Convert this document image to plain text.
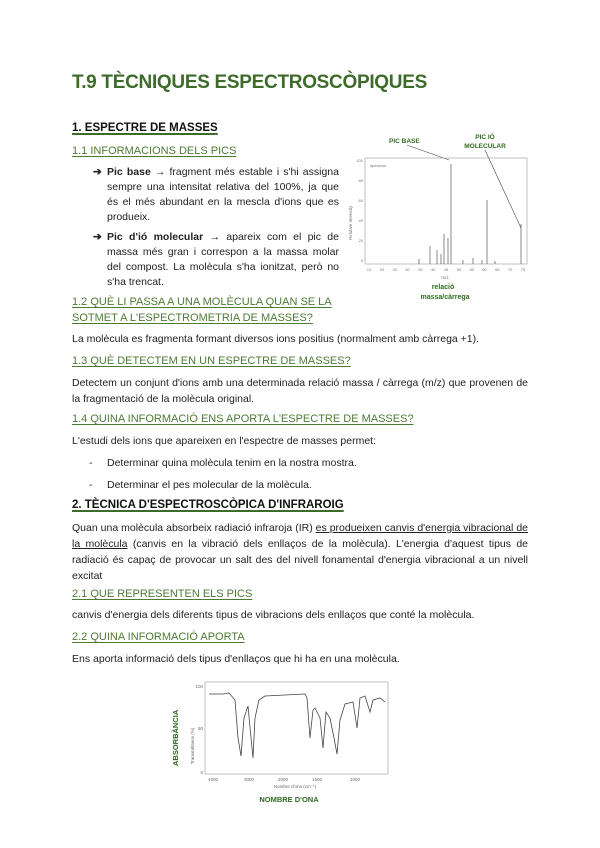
T.9 TÈCNIQUES ESPECTROSCÒPIQUES
1. ESPECTRE DE MASSES
1.1 INFORMACIONS DELS PICS
➔ Pic base → fragment més estable i s'hi assigna sempre una intensitat relativa del 100%, ja que és el més abundant en la mescla d'ions que es produeix.
➔ Pic d'ió molecular → apareix com el pic de massa més gran i correspon a la massa molar del compost. La molècula s'ha ionitzat, però no s'ha trencat.
1.2 QUÈ LI PASSA A UNA MOLÈCULA QUAN SE LA SOTMET A L'ESPECTROMETRIA DE MASSES?
La molècula es fragmenta formant diversos ions positius (normalment amb càrrega +1).
1.3 QUÈ DETECTEM EN UN ESPECTRE DE MASSES?
Detectem un conjunt d'ions amb una determinada relació massa / càrrega (m/z) que provenen de la fragmentació de la molècula original.
1.4 QUINA INFORMACIÓ ENS APORTA L'ESPECTRE DE MASSES?
L'estudi dels ions que apareixen en l'espectre de masses permet:
- Determinar quina molècula tenim en la nostra mostra.
- Determinar el pes molecular de la molècula.
2. TÈCNICA D'ESPECTROSCÒPICA D'INFRAROIG
Quan una molècula absorbeix radiació infraroja (IR) es produeixen canvis d'energia vibracional de la molècula (canvis en la vibració dels enllaços de la molècula). L'energia d'aquest tipus de radiació és capaç de provocar un salt des del nivell fonamental d'energia vibracional a un nivell excitat
2.1 QUE REPRESENTEN ELS PICS
canvis d'energia dels diferents tipus de vibracions dels enllaços que conté la molècula.
2.2 QUINA INFORMACIÓ APORTA
Ens aporta informació dels tipus d'enllaços que hi ha en una molècula.
PIC BASE
PIC IÓ
MOLECULAR
spectrum
Relative Intensity
100
80
60
40
20
0
10 20 25 30 35 40 45 50 55 60 65 70 75
m/z
relació
massa/càrrega
ABSORBÀNCIA Transmittance (%)
100
50
0
4000	3000	2000	1500	1000
Nombre d'ona (cm⁻¹)
NOMBRE D'ONA
